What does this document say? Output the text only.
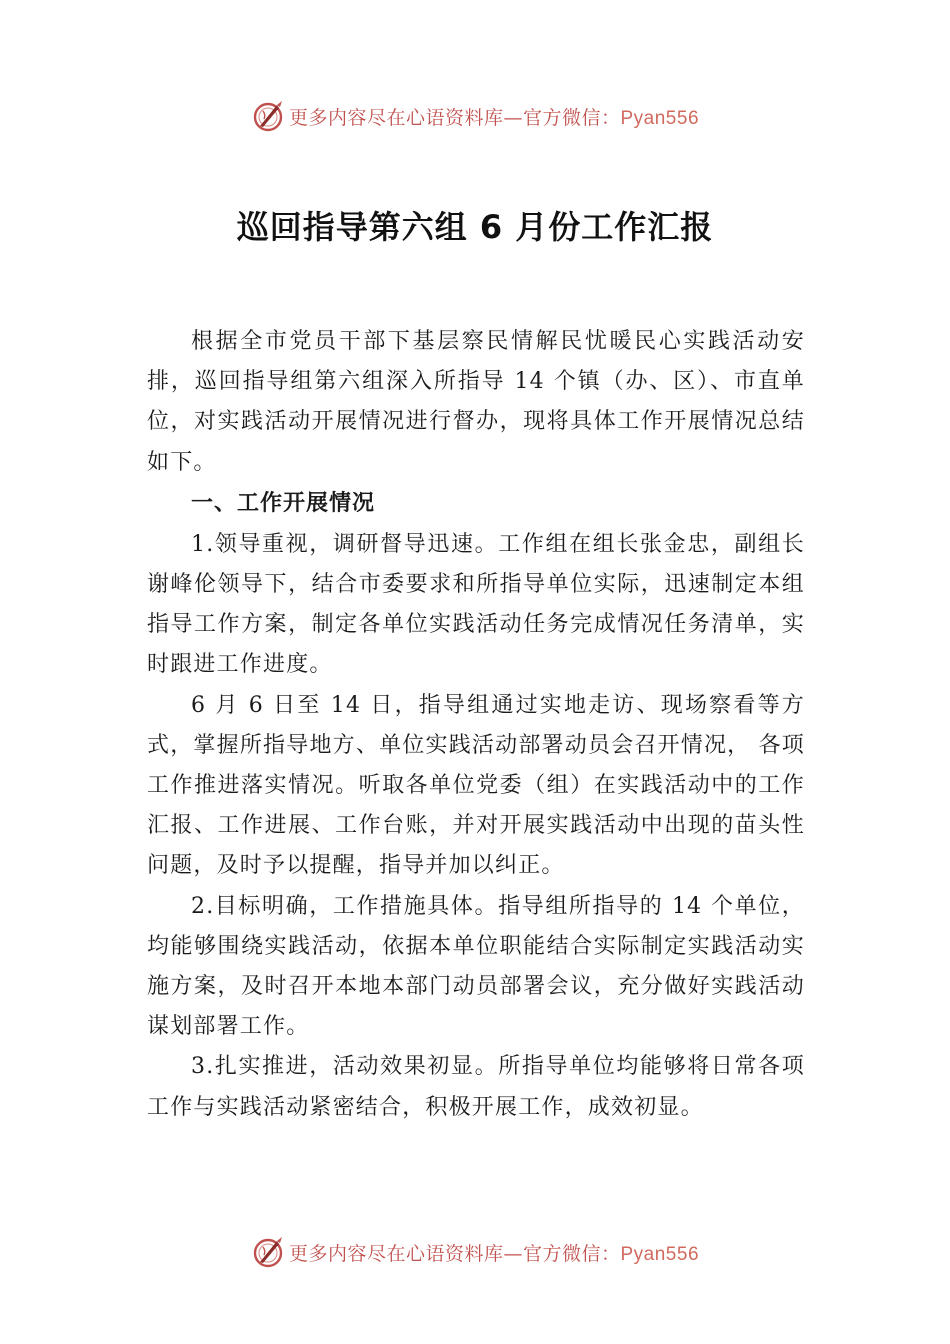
更多内容尽在心语资料库—官方微信：Pyan556
巡回指导第六组 6 月份工作汇报

根据全市党员干部下基层察民情解民忧暖民心实践活动安排，巡回指导组第六组深入所指导 14 个镇（办、区）、市直单位，对实践活动开展情况进行督办，现将具体工作开展情况总结如下。

一、工作开展情况

1.领导重视，调研督导迅速。工作组在组长张金忠，副组长谢峰伦领导下，结合市委要求和所指导单位实际，迅速制定本组指导工作方案，制定各单位实践活动任务完成情况任务清单，实时跟进工作进度。

6 月 6 日至 14 日，指导组通过实地走访、现场察看等方式，掌握所指导地方、单位实践活动部署动员会召开情况， 各项工作推进落实情况。听取各单位党委（组）在实践活动中的工作汇报、工作进展、工作台账，并对开展实践活动中出现的苗头性问题，及时予以提醒，指导并加以纠正。

2.目标明确，工作措施具体。指导组所指导的 14 个单位，均能够围绕实践活动，依据本单位职能结合实际制定实践活动实施方案，及时召开本地本部门动员部署会议，充分做好实践活动谋划部署工作。

3.扎实推进，活动效果初显。所指导单位均能够将日常各项工作与实践活动紧密结合，积极开展工作，成效初显。

更多内容尽在心语资料库—官方微信：Pyan556
